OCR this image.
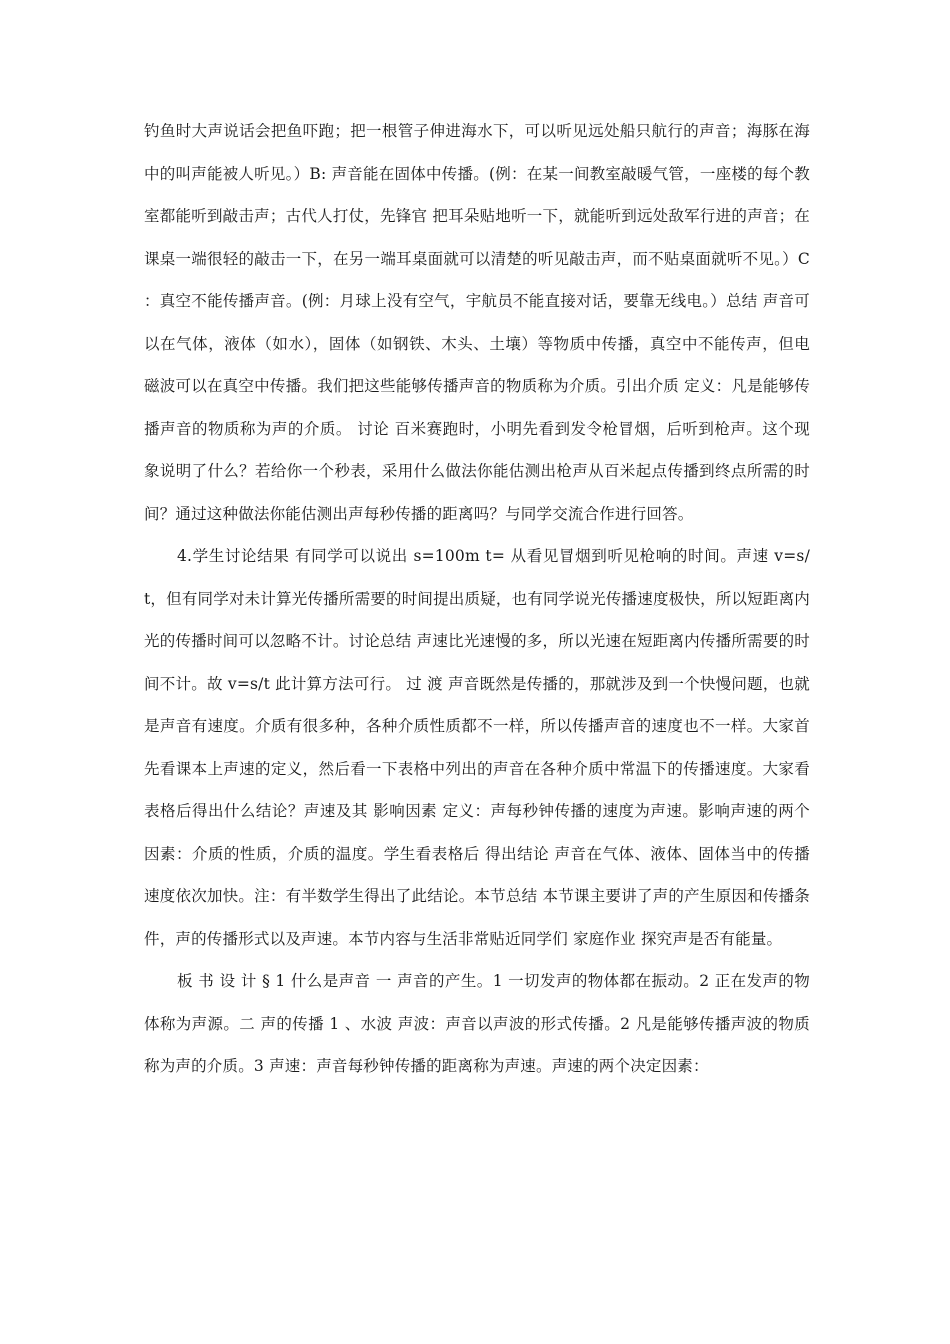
钓鱼时大声说话会把鱼吓跑；把一根管子伸进海水下，可以听见远处船只航行的声音；海豚在海中的叫声能被人听见。）B: 声音能在固体中传播。(例：在某一间教室敲暖气管，一座楼的每个教室都能听到敲击声；古代人打仗，先锋官 把耳朵贴地听一下，就能听到远处敌军行进的声音；在课桌一端很轻的敲击一下，在另一端耳桌面就可以清楚的听见敲击声，而不贴桌面就听不见。）C ：真空不能传播声音。(例：月球上没有空气，宇航员不能直接对话，要靠无线电。）总结 声音可以在气体，液体（如水），固体（如钢铁、木头、土壤）等物质中传播，真空中不能传声，但电磁波可以在真空中传播。我们把这些能够传播声音的物质称为介质。引出介质 定义：凡是能够传播声音的物质称为声的介质。 讨论 百米赛跑时，小明先看到发令枪冒烟，后听到枪声。这个现象说明了什么？若给你一个秒表，采用什么做法你能估测出枪声从百米起点传播到终点所需的时间？通过这种做法你能估测出声每秒传播的距离吗？与同学交流合作进行回答。

4.学生讨论结果 有同学可以说出 s=100m t= 从看见冒烟到听见枪响的时间。声速 v=s/t，但有同学对未计算光传播所需要的时间提出质疑，也有同学说光传播速度极快，所以短距离内光的传播时间可以忽略不计。讨论总结 声速比光速慢的多，所以光速在短距离内传播所需要的时间不计。故 v=s/t 此计算方法可行。 过 渡 声音既然是传播的，那就涉及到一个快慢问题，也就是声音有速度。介质有很多种，各种介质性质都不一样，所以传播声音的速度也不一样。大家首先看课本上声速的定义，然后看一下表格中列出的声音在各种介质中常温下的传播速度。大家看表格后得出什么结论？声速及其 影响因素 定义：声每秒钟传播的速度为声速。影响声速的两个因素：介质的性质，介质的温度。学生看表格后 得出结论 声音在气体、液体、固体当中的传播速度依次加快。注：有半数学生得出了此结论。本节总结 本节课主要讲了声的产生原因和传播条件，声的传播形式以及声速。本节内容与生活非常贴近同学们 家庭作业 探究声是否有能量。

板 书 设 计 § 1 什么是声音 一 声音的产生。1 一切发声的物体都在振动。2 正在发声的物体称为声源。二 声的传播 1 、水波 声波：声音以声波的形式传播。2 凡是能够传播声波的物质称为声的介质。3 声速：声音每秒钟传播的距离称为声速。声速的两个决定因素：
